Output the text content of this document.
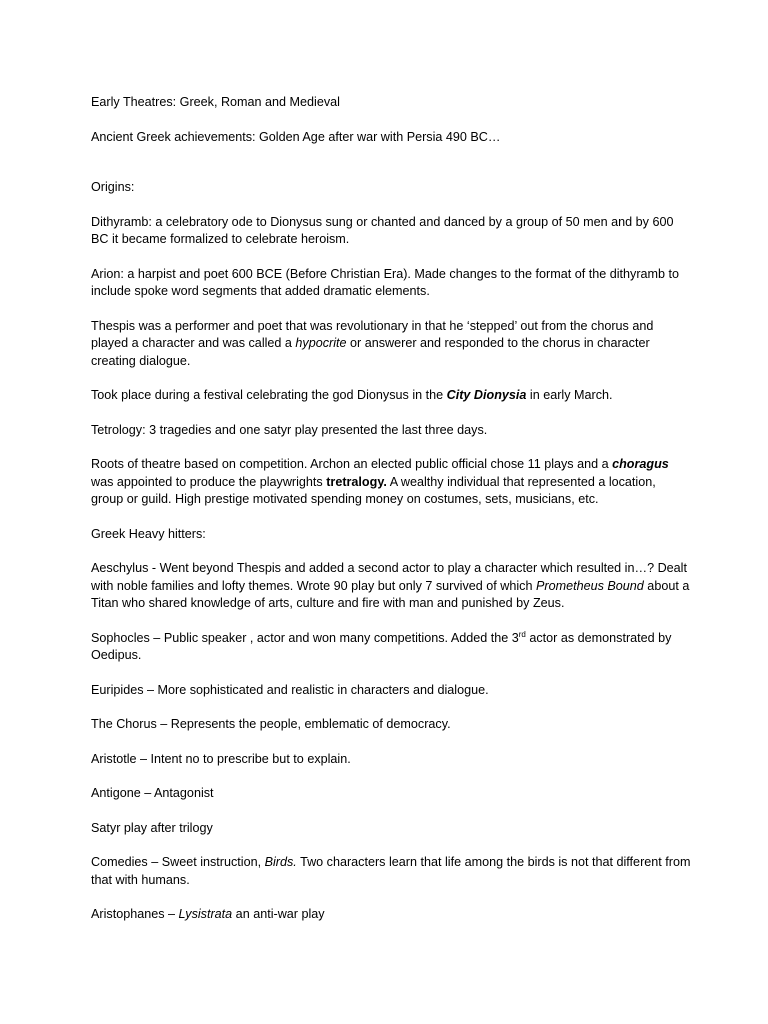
Early Theatres: Greek, Roman and Medieval

Ancient Greek achievements: Golden Age after war with Persia 490 BC…

Origins:

Dithyramb: a celebratory ode to Dionysus sung or chanted and danced by a group of 50 men and by 600 BC it became formalized to celebrate heroism.

Arion: a harpist and poet 600 BCE (Before Christian Era). Made changes to the format of the dithyramb to include spoke word segments that added dramatic elements.

Thespis was a performer and poet that was revolutionary in that he ‘stepped’ out from the chorus and played a character and was called a hypocrite or answerer and responded to the chorus in character creating dialogue.

Took place during a festival celebrating the god Dionysus in the City Dionysia in early March.

Tetrology: 3 tragedies and one satyr play presented the last three days.

Roots of theatre based on competition. Archon an elected public official chose 11 plays and a choragus was appointed to produce the playwrights tretralogy. A wealthy individual that represented a location, group or guild. High prestige motivated spending money on costumes, sets, musicians, etc.

Greek Heavy hitters:

Aeschylus - Went beyond Thespis and added a second actor to play a character which resulted in…? Dealt with noble families and lofty themes. Wrote 90 play but only 7 survived of which Prometheus Bound about a Titan who shared knowledge of arts, culture and fire with man and punished by Zeus.

Sophocles – Public speaker , actor and won many competitions. Added the 3rd actor as demonstrated by Oedipus.

Euripides – More sophisticated and realistic in characters and dialogue.

The Chorus – Represents the people, emblematic of democracy.

Aristotle – Intent no to prescribe but to explain.

Antigone – Antagonist

Satyr play after trilogy

Comedies – Sweet instruction, Birds. Two characters learn that life among the birds is not that different from that with humans.

Aristophanes – Lysistrata an anti-war play
